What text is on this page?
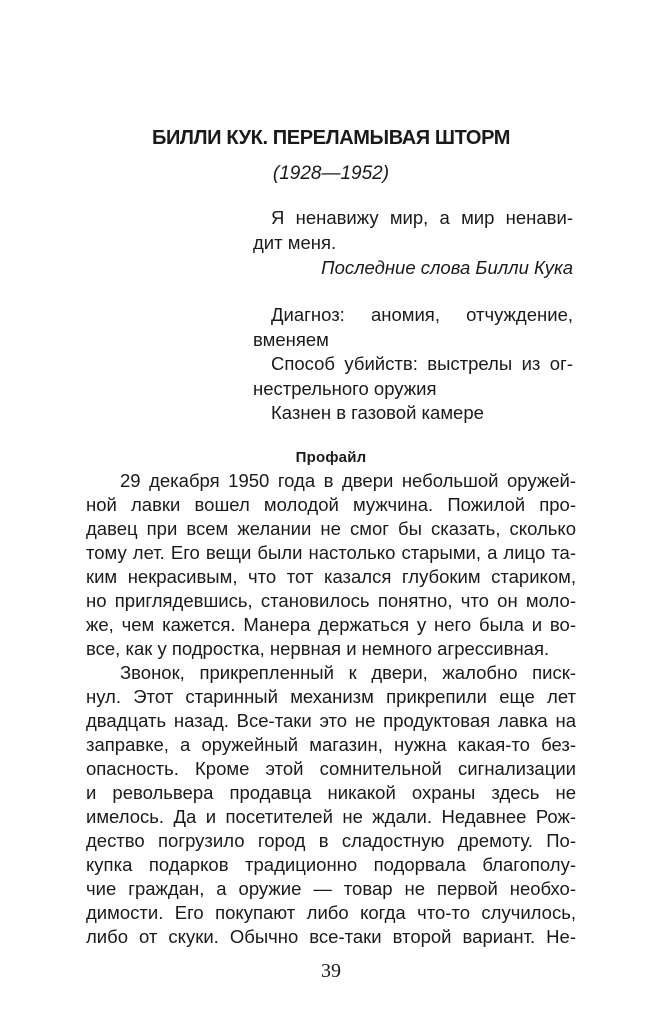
БИЛЛИ КУК. ПЕРЕЛАМЫВАЯ ШТОРМ

(1928—1952)

Я ненавижу мир, а мир ненави-

дит меня.

Последние слова Билли Кука

Диагноз: аномия, отчуждение,

вменяем

Способ убийств: выстрелы из ог-

нестрельного оружия

Казнен в газовой камере

Профайл

29 декабря 1950 года в двери небольшой оружей-

ной лавки вошел молодой мужчина. Пожилой про-

давец при всем желании не смог бы сказать, сколько

тому лет. Его вещи были настолько старыми, а лицо та-

ким некрасивым, что тот казался глубоким стариком,

но приглядевшись, становилось понятно, что он моло-

же, чем кажется. Манера держаться у него была и во-

все, как у подростка, нервная и немного агрессивная.

Звонок, прикрепленный к двери, жалобно писк-

нул. Этот старинный механизм прикрепили еще лет

двадцать назад. Все-таки это не продуктовая лавка на

заправке, а оружейный магазин, нужна какая-то без-

опасность. Кроме этой сомнительной сигнализации

и револьвера продавца никакой охраны здесь не

имелось. Да и посетителей не ждали. Недавнее Рож-

дество погрузило город в сладостную дремоту. По-

купка подарков традиционно подорвала благополу-

чие граждан, а оружие — товар не первой необхо-

димости. Его покупают либо когда что-то случилось,

либо от скуки. Обычно все-таки второй вариант. Не-

39
